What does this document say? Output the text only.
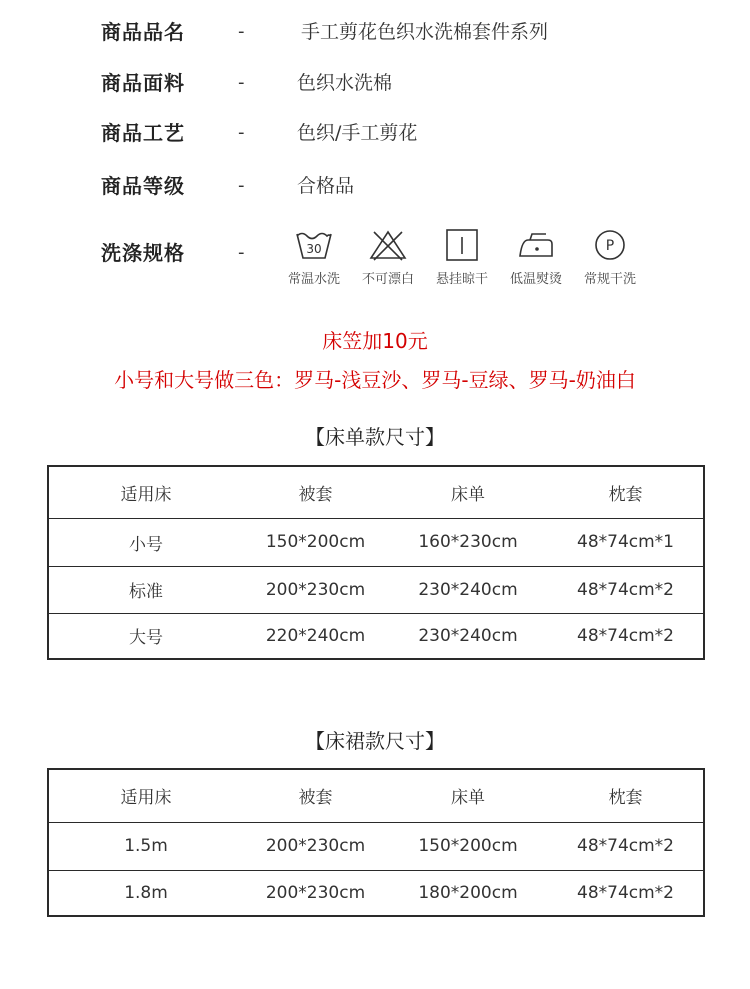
商品品名	-	手工剪花色织水洗棉套件系列
商品面料	-	色织水洗棉
商品工艺	-	色织/手工剪花
商品等级	-	合格品
洗涤规格	-	30
常温水洗	不可漂白	悬挂晾干	低温熨烫
P
常规干洗
床笠加10元
小号和大号做三色：罗马-浅豆沙、罗马-豆绿、罗马-奶油白
【床单款尺寸】
适用床	被套	床单	枕套
小号	150*200cm	160*230cm	48*74cm*1
标准	200*230cm	230*240cm	48*74cm*2
大号	220*240cm	230*240cm	48*74cm*2
【床裙款尺寸】
适用床	被套	床单	枕套
1.5m	200*230cm	150*200cm	48*74cm*2
1.8m	200*230cm	180*200cm	48*74cm*2
